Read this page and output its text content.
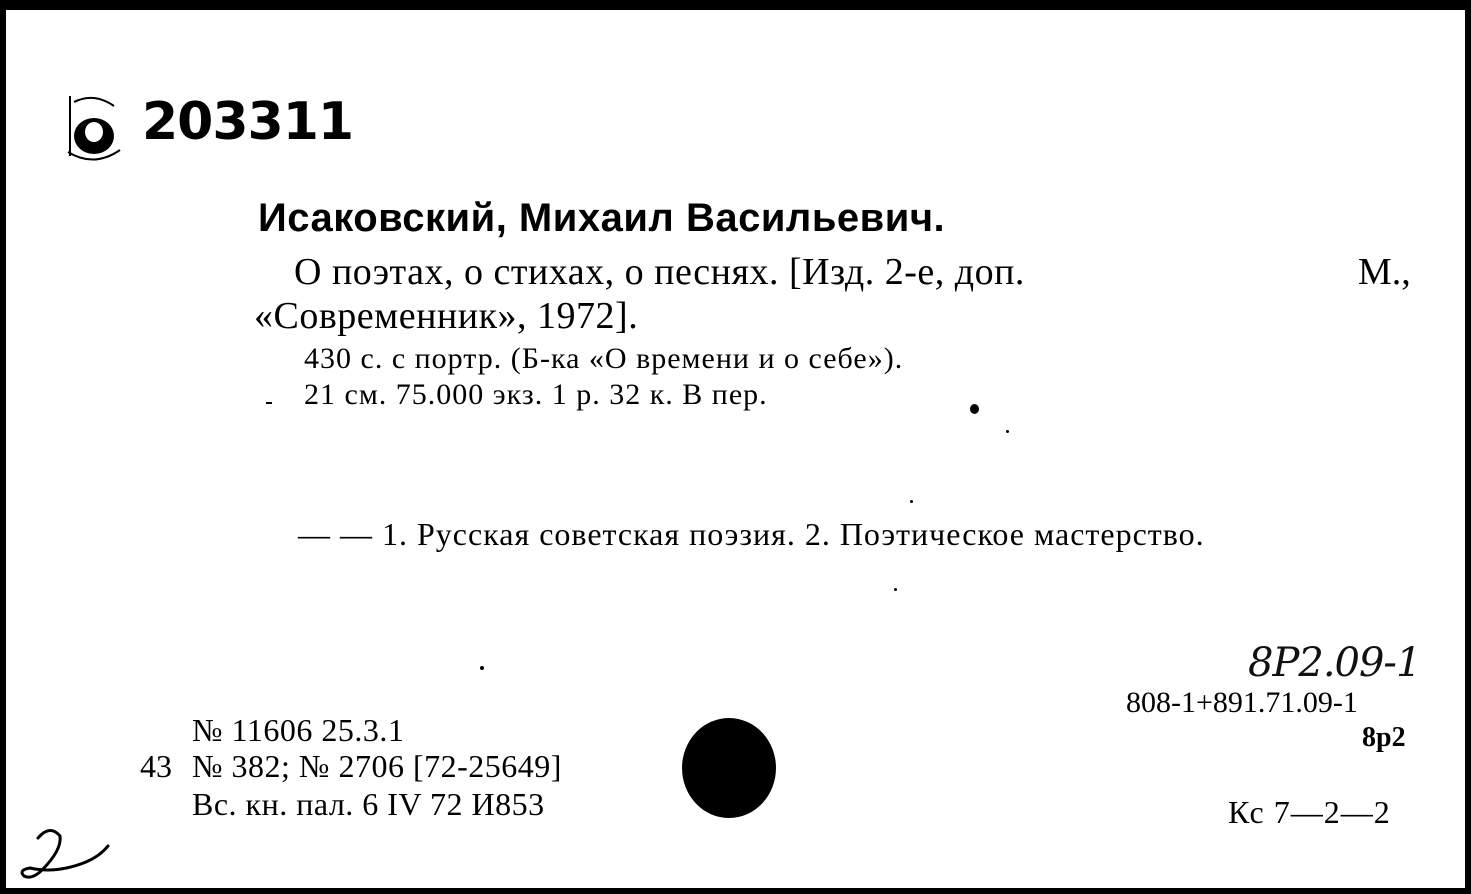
203311
Исаковский, Михаил Васильевич.
О поэтах, о стихах, о песнях. [Изд. 2-е, доп.	М.,
«Современник», 1972].
430 с. с портр. (Б-ка «О времени и о себе»).
21 см. 75.000 экз. 1 р. 32 к. В пер.
— — 1. Русская советская поэзия. 2. Поэтическое мастерство.
8Р2.09-1
808-1+891.71.09-1
8р2
Кс 7—2—2
№ 11606 25.3.1
43 № 382; № 2706 [72-25649]
Вс. кн. пал. 6 IV 72 И853
